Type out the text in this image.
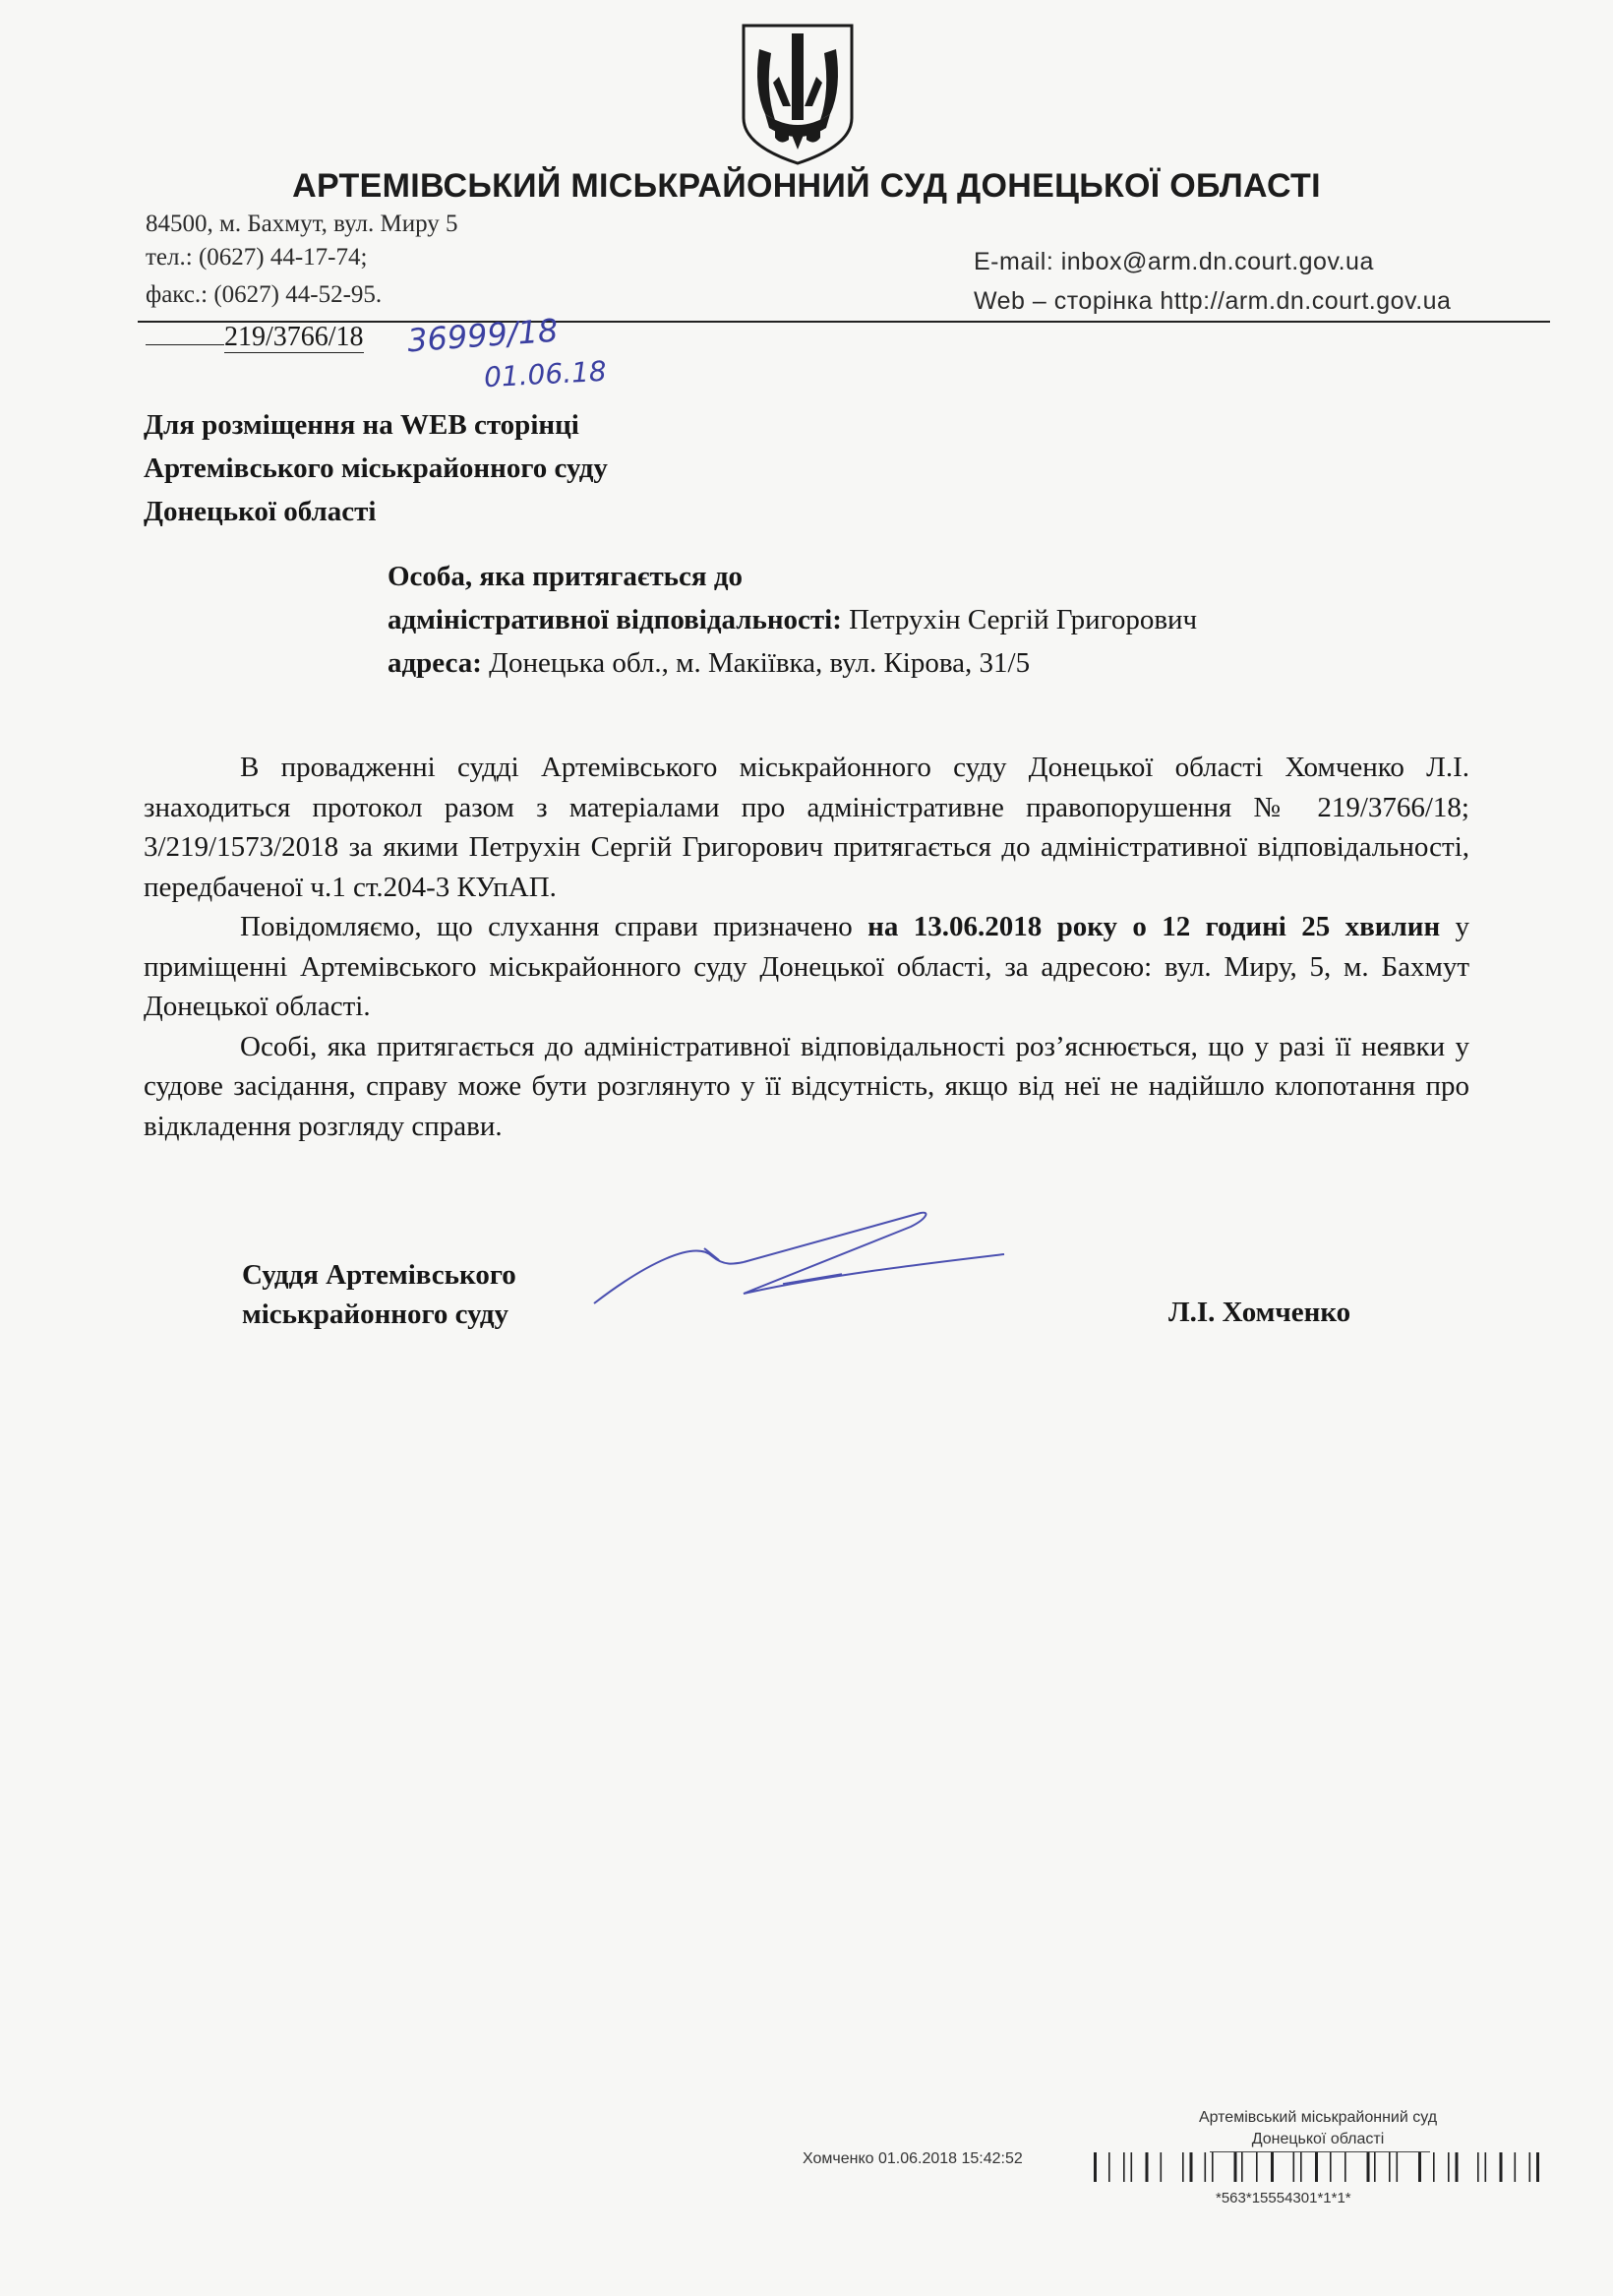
АРТЕМІВСЬКИЙ МІСЬКРАЙОННИЙ СУД ДОНЕЦЬКОЇ ОБЛАСТІ
84500, м. Бахмут, вул. Миру 5
тел.: (0627) 44-17-74;
факс.: (0627) 44-52-95.
E-mail: inbox@arm.dn.court.gov.ua
Web – сторінка http://arm.dn.court.gov.ua
219/3766/18 36999/18
01.06.18
Для розміщення на WEB сторінці
Артемівського міськрайонного суду
Донецької області
Особа, яка притягається до
адміністративної відповідальності: Петрухін Сергій Григорович
адреса: Донецька обл., м. Макіївка, вул. Кірова, 31/5

В провадженні судді Артемівського міськрайонного суду Донецької області Хомченко Л.І. знаходиться протокол разом з матеріалами про адміністративне правопорушення № 219/3766/18; 3/219/1573/2018 за якими Петрухін Сергій Григорович притягається до адміністративної відповідальності, передбаченої ч.1 ст.204-3 КУпАП.

Повідомляємо, що слухання справи призначено на 13.06.2018 року о 12 годині 25 хвилин у приміщенні Артемівського міськрайонного суду Донецької області, за адресою: вул. Миру, 5, м. Бахмут Донецької області.

Особі, яка притягається до адміністративної відповідальності роз’яснюється, що у разі її неявки у судове засідання, справу може бути розглянуто у її відсутність, якщо від неї не надійшло клопотання про відкладення розгляду справи.

Суддя Артемівського
міськрайонного суду	Л.І. Хомченко
Артемівський міськрайонний суд
Донецької області
Хомченко 01.06.2018 15:42:52
*563*15554301*1*1*
